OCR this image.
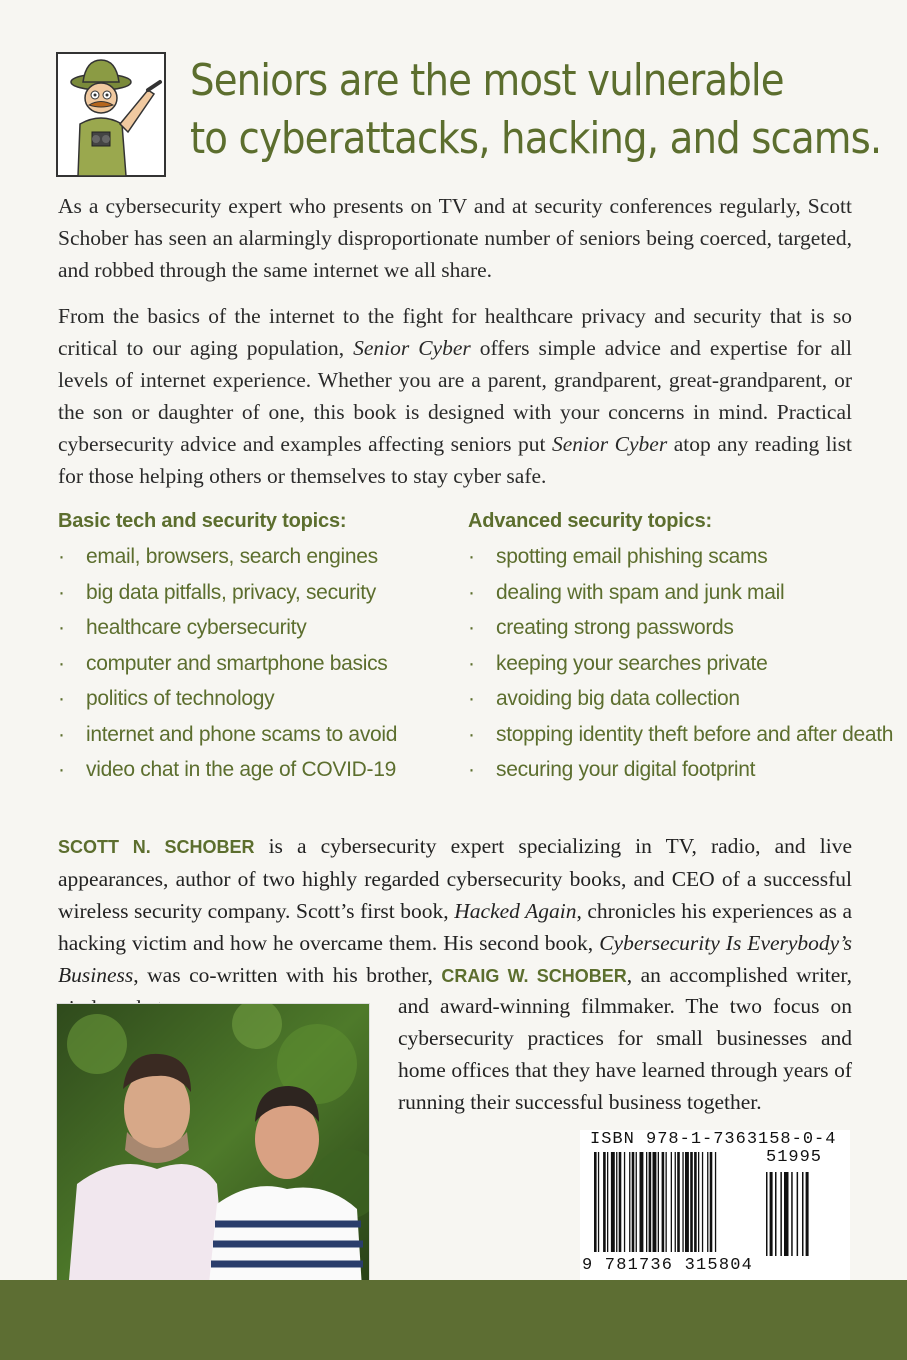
Seniors are the most vulnerable
to cyberattacks, hacking, and scams.

As a cybersecurity expert who presents on TV and at security conferences regularly, Scott Schober has seen an alarmingly disproportionate number of seniors being coerced, targeted, and robbed through the same internet we all share.

From the basics of the internet to the fight for healthcare privacy and security that is so critical to our aging population, Senior Cyber offers simple advice and expertise for all levels of internet experience. Whether you are a parent, grandparent, great-grandparent, or the son or daughter of one, this book is designed with your concerns in mind. Practical cybersecurity advice and examples affecting seniors put Senior Cyber atop any reading list for those helping others or themselves to stay cyber safe.

Basic tech and security topics:
· email, browsers, search engines
· big data pitfalls, privacy, security
· healthcare cybersecurity
· computer and smartphone basics
· politics of technology
· internet and phone scams to avoid
· video chat in the age of COVID-19
Advanced security topics:
· spotting email phishing scams
· dealing with spam and junk mail
· creating strong passwords
· keeping your searches private
· avoiding big data collection
· stopping identity theft before and after death
· securing your digital footprint

SCOTT N. SCHOBER is a cybersecurity expert specializing in TV, radio, and live appearances, author of two highly regarded cybersecurity books, and CEO of a successful wireless security company. Scott’s first book, Hacked Again, chronicles his experiences as a hacking victim and how he overcame them. His second book, Cybersecurity Is Everybody’s Business, was co-written with his brother, CRAIG W. SCHOBER, an accomplished writer,

and award-winning filmmaker. The two focus on cybersecurity practices for small businesses and home offices that they have learned through years of running their successful business together.

ISBN 978-1-7363158-0-4
51995
9 781736 315804
